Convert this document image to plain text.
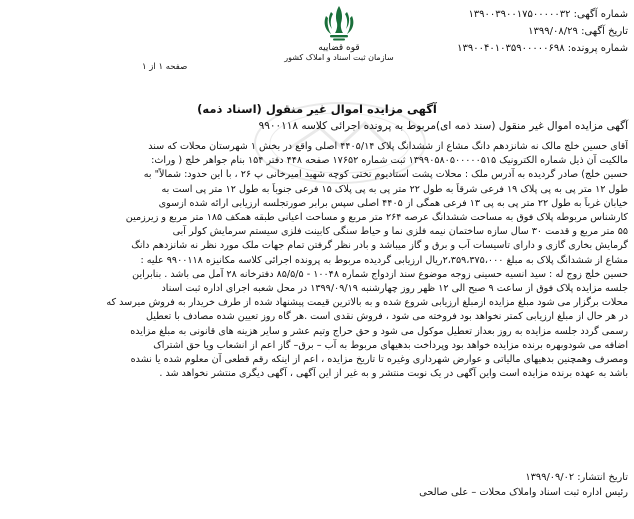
شماره آگهی: ۱۳۹۰۰۳۹۰۰۱۷۵۰۰۰۰۰۳۲
تاریخ آگهی: ۱۳۹۹/۰۸/۲۹
شماره پرونده: ۱۳۹۰۰۴۰۱۰۳۵۹۰۰۰۰۰۶۹۸
قوه قضاییه
سازمان ثبت اسناد و املاک کشور
صفحه ۱ از ۱
آگهی مزایده اموال غیر منقول (اسناد ذمه)
آگهی مزایده اموال غیر منقول (سند ذمه ای)مربوط به پرونده اجرائی کلاسه ۹۹۰۰۱۱۸
آقای حسین خلج مالک نه شانزدهم دانگ مشاع از ششدانگ پلاک ۴۴۰۵/۱۴ اصلی واقع در بخش ۱ شهرستان محلات که سند
مالکیت آن ذیل شماره الکترونیک ۱۳۹۹۰۵۸۰۵۰۰۰۰۰۵۱۵ ثبت شماره ۱۷۶۵۲ صفحه ۴۴۸ دفتر ۱۵۴ بنام جواهر خلج ( وراث:
حسین خلج) صادر گردیده به آدرس ملک : محلات پشت استادیوم تختی کوچه شهید امیرخانی پ ۲۶ ، با این حدود: شمالاً" به
طول ۱۲ متر پی به پی پلاک ۱۹ فرعی شرقاً به طول ۲۲ متر پی به پی پلاک ۱۵ فرعی جنوباً به طول ۱۲ متر پی است به
خیابان غرباً به طول ۲۲ متر پی به پی ۱۳ فرعی همگی از ۴۴۰۵ اصلی سپس برابر صورتجلسه ارزیابی ارائه شده ازسوی
کارشناس مربوطه پلاک فوق به مساحت ششدانگ عرصه ۲۶۴ متر مربع و مساحت اعیانی طبقه همکف ۱۸۵ متر مربع و زیرزمین
۵۵ متر مربع و قدمت ۳۰ سال سازه ساختمان نیمه فلزی نما و حیاط سنگی کابینت فلزی سیستم سرمایش کولر آبی
گرمایش بخاری گازی و دارای تاسیسات آب و برق و گاز میباشد و بادر نظر گرفتن تمام جهات ملک مورد نظر نه شانزدهم دانگ
مشاع از ششدانگ پلاک به مبلغ ۲،۳۵۹،۳۷۵،۰۰۰ریال ارزیابی گردیده مربوط به پرونده اجرائی کلاسه مکانیزه ۹۹۰۰۱۱۸ علیه :
حسین خلج زوج له : سید انسیه حسینی زوجه موضوع سند ازدواج شماره ۱۰۰۴۸ - ۸۵/۵/۵ دفترخانه ۲۸ آمل می باشد . بنابراین
جلسه مزایده پلاک فوق از ساعت ۹ صبح الی ۱۲ ظهر روز چهارشنبه ۱۳۹۹/۰۹/۱۹ در محل شعبه اجرای اداره ثبت اسناد
محلات برگزار می شود مبلغ مزایده ازمبلغ ارزیابی شروع شده و به بالاترین قیمت پیشنهاد شده از طرف خریدار به فروش میرسد که
در هر حال از مبلغ ارزیابی کمتر نخواهد بود فروخته می شود ، فروش نقدی است .هر گاه روز تعیین شده مصادف با تعطیل
رسمی گردد جلسه مزایده به روز بعداز تعطیل موکول می شود و حق حراج وتیم عشر و سایر هزینه های قانونی به مبلغ مزایده
اضافه می شودوبهره برنده مزایده خواهد بود وپرداخت بدهیهای مربوط به آب – برق– گاز اعم از انشعاب ویا حق اشتراک
ومصرف وهمچنین بدهیهای مالیاتی و عوارض شهرداری وغیره تا تاریخ مزایده ، اعم از اینکه رقم قطعی آن معلوم شده یا نشده
باشد به عهده برنده مزایده است واین آگهی در یک نوبت منتشر و به غیر از این آگهی ، آگهی دیگری منتشر نخواهد شد .
تاریخ انتشار: ۱۳۹۹/۰۹/۰۲
رئیس اداره ثبت اسناد واملاک محلات – علی صالحی
